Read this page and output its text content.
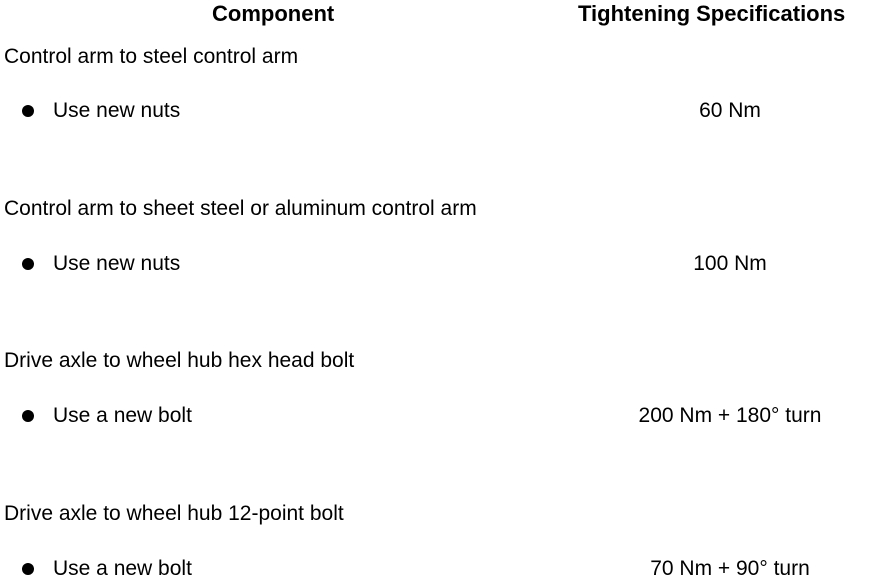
Component	Tightening Specifications
Control arm to steel control arm
Use new nuts	60 Nm
Control arm to sheet steel or aluminum control arm
Use new nuts	100 Nm
Drive axle to wheel hub hex head bolt
Use a new bolt	200 Nm + 180° turn
Drive axle to wheel hub 12-point bolt
Use a new bolt	70 Nm + 90° turn
